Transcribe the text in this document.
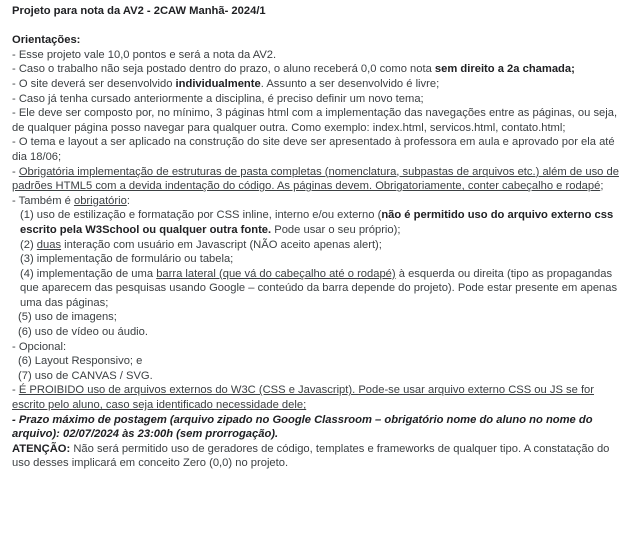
Projeto para nota da AV2 - 2CAW Manhã- 2024/1

Orientações:

- Esse projeto vale 10,0 pontos e será a nota da AV2.

- Caso o trabalho não seja postado dentro do prazo, o aluno receberá 0,0 como nota sem direito a 2a chamada;

- O site deverá ser desenvolvido individualmente. Assunto a ser desenvolvido é livre;

- Caso já tenha cursado anteriormente a disciplina, é preciso definir um novo tema;

- Ele deve ser composto por, no mínimo, 3 páginas html com a implementação das navegações entre as páginas, ou seja, de qualquer página posso navegar para qualquer outra. Como exemplo: index.html, servicos.html, contato.html;

- O tema e layout a ser aplicado na construção do site deve ser apresentado à professora em aula e aprovado por ela até dia 18/06;

- Obrigatória implementação de estruturas de pasta completas (nomenclatura, subpastas de arquivos etc.) além de uso de padrões HTML5 com a devida indentação do código. As páginas devem. Obrigatoriamente, conter cabeçalho e rodapé;

- Também é obrigatório:

(1) uso de estilização e formatação por CSS inline, interno e/ou externo (não é permitido uso do arquivo externo css escrito pela W3School ou qualquer outra fonte. Pode usar o seu próprio);

(2) duas interação com usuário em Javascript (NÃO aceito apenas alert);

(3) implementação de formulário ou tabela;

(4) implementação de uma barra lateral (que vá do cabeçalho até o rodapé) à esquerda ou direita (tipo as propagandas que aparecem das pesquisas usando Google – conteúdo da barra depende do projeto). Pode estar presente em apenas uma das páginas;

(5) uso de imagens;

(6) uso de vídeo ou áudio.

- Opcional:

(6) Layout Responsivo; e

(7) uso de CANVAS / SVG.

- É PROIBIDO uso de arquivos externos do W3C (CSS e Javascript). Pode-se usar arquivo externo CSS ou JS se for escrito pelo aluno, caso seja identificado necessidade dele;

- Prazo máximo de postagem (arquivo zipado no Google Classroom – obrigatório nome do aluno no nome do arquivo): 02/07/2024 às 23:00h (sem prorrogação).

ATENÇÃO: Não será permitido uso de geradores de código, templates e frameworks de qualquer tipo. A constatação do uso desses implicará em conceito Zero (0,0) no projeto.
